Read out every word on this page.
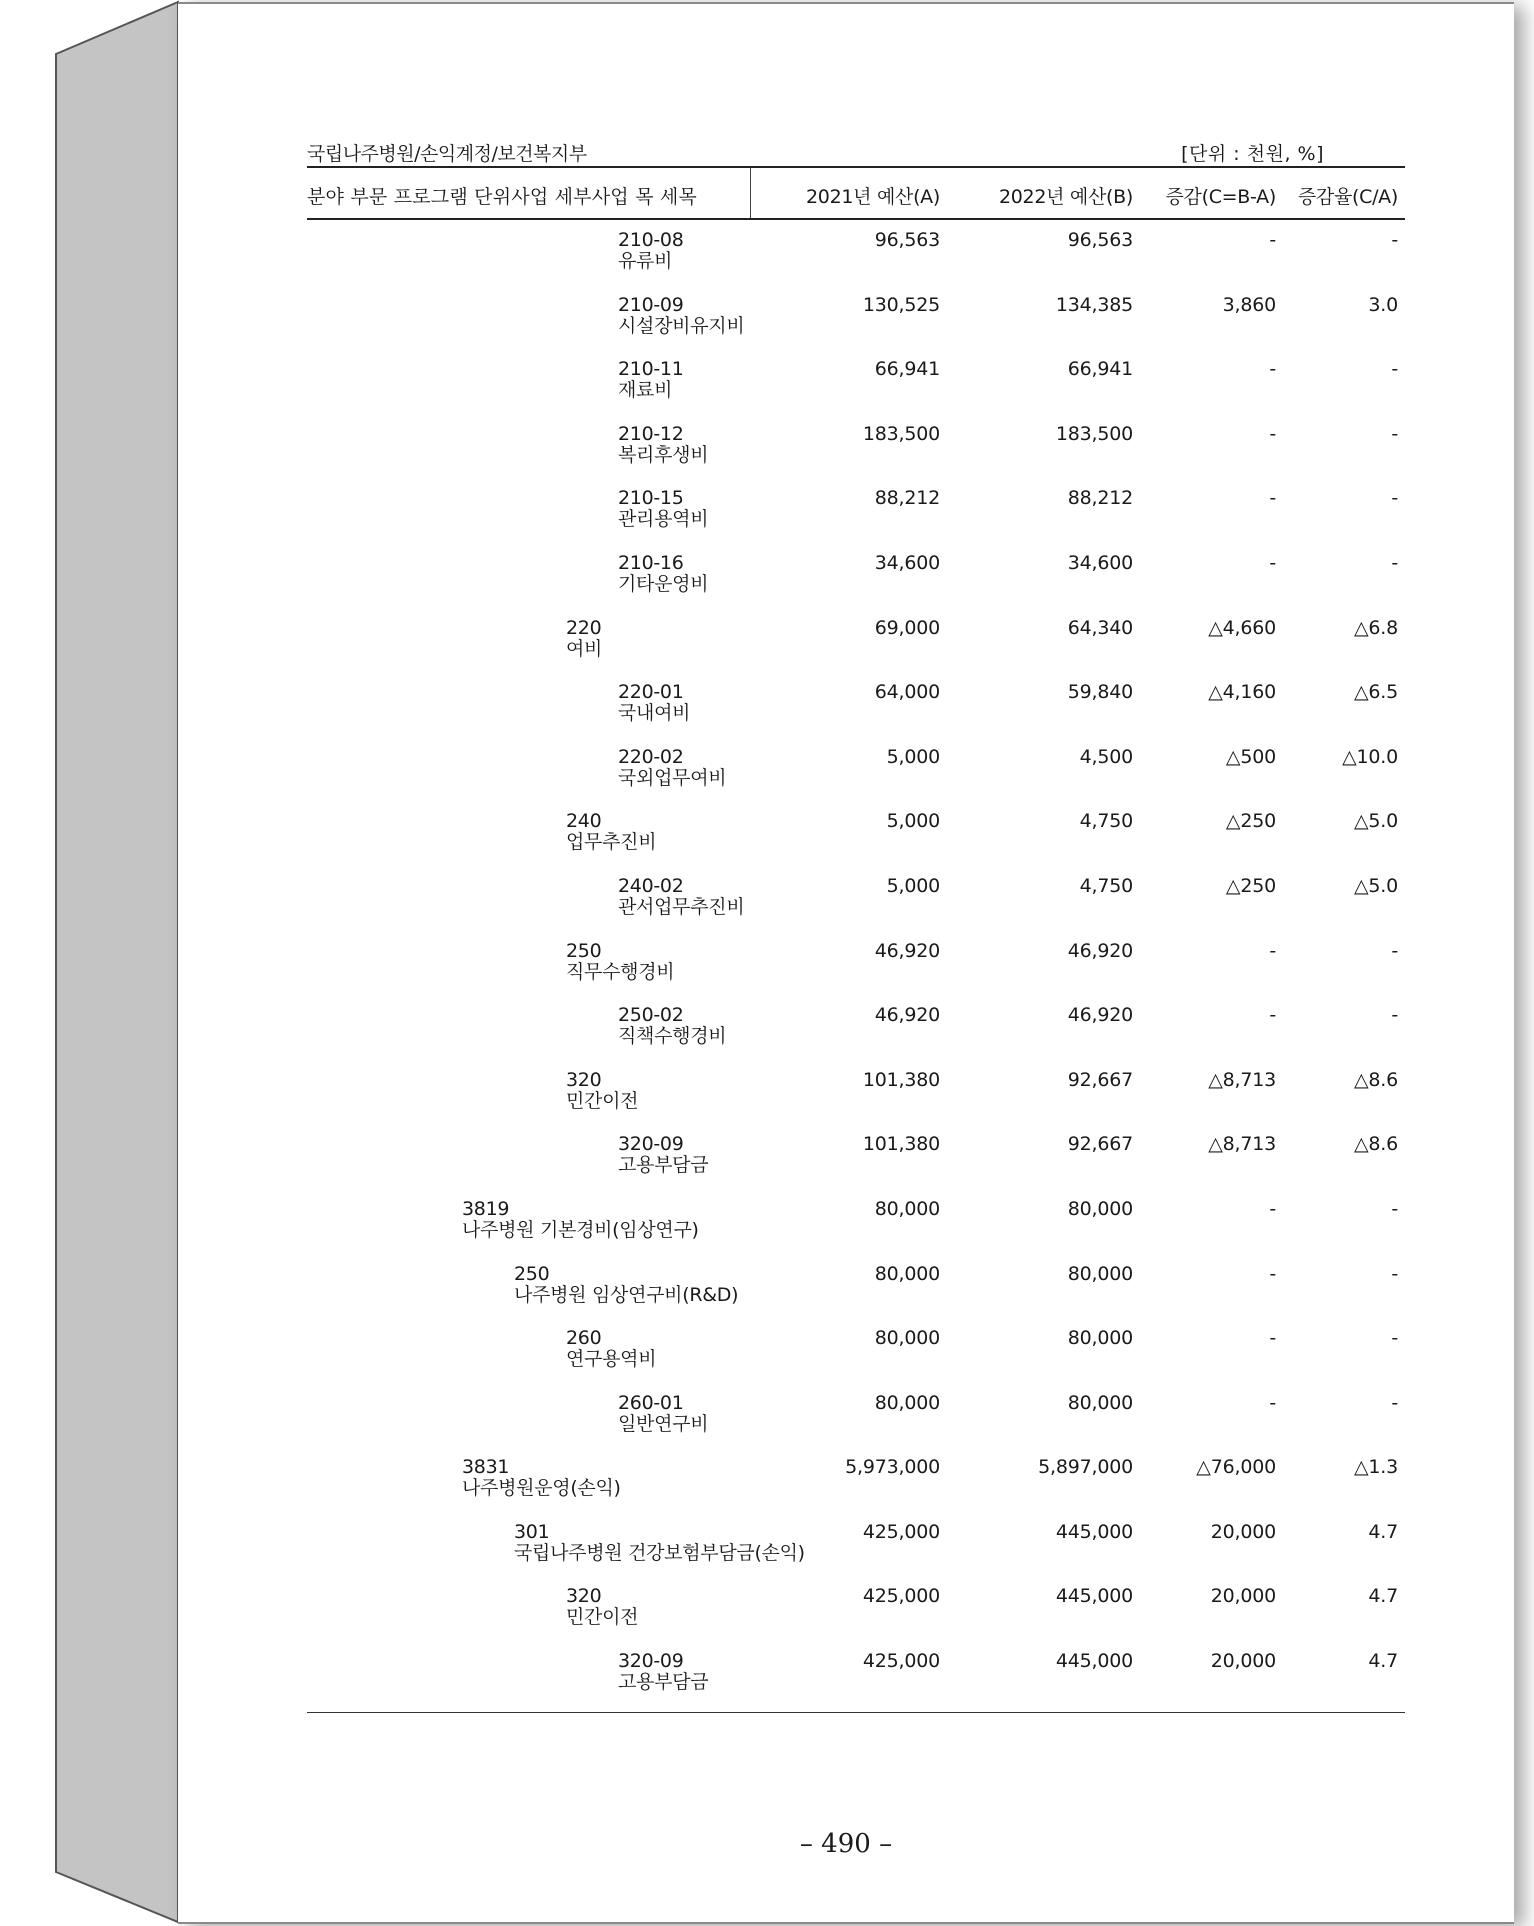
국립나주병원/손익계정/보건복지부	[단위 : 천원, %]
분야 부문 프로그램 단위사업 세부사업 목 세목	2021년 예산(A)	2022년 예산(B) 증감(C=B-A) 증감율(C/A)
210-08
유류비
96,563	96,563	-	-
210-09
시설장비유지비
130,525	134,385	3,860	3.0
210-11
재료비
66,941	66,941	-	-
210-12
복리후생비
183,500	183,500	-	-
210-15
관리용역비
88,212	88,212	-	-
210-16
기타운영비
34,600	34,600	-	-
220
여비
69,000	64,340	△4,660	△6.8
220-01
국내여비
64,000	59,840	△4,160	△6.5
220-02
국외업무여비
5,000	4,500	△500	△10.0
240
업무추진비
5,000	4,750	△250	△5.0
240-02
관서업무추진비
5,000	4,750	△250	△5.0
250
직무수행경비
46,920	46,920	-	-
250-02
직책수행경비
46,920	46,920	-	-
320
민간이전
101,380	92,667	△8,713	△8.6
320-09
고용부담금
101,380	92,667	△8,713	△8.6
3819
나주병원 기본경비(임상연구)
80,000	80,000	-	-
250
나주병원 임상연구비(R&D)
80,000	80,000	-	-
260
연구용역비
80,000	80,000	-	-
260-01
일반연구비
80,000	80,000	-	-
3831
나주병원운영(손익)
5,973,000	5,897,000	△76,000	△1.3
301
국립나주병원 건강보험부담금(손익)
425,000	445,000	20,000	4.7
320
민간이전
425,000	445,000	20,000	4.7
320-09
고용부담금
425,000	445,000	20,000	4.7
– 490 –
